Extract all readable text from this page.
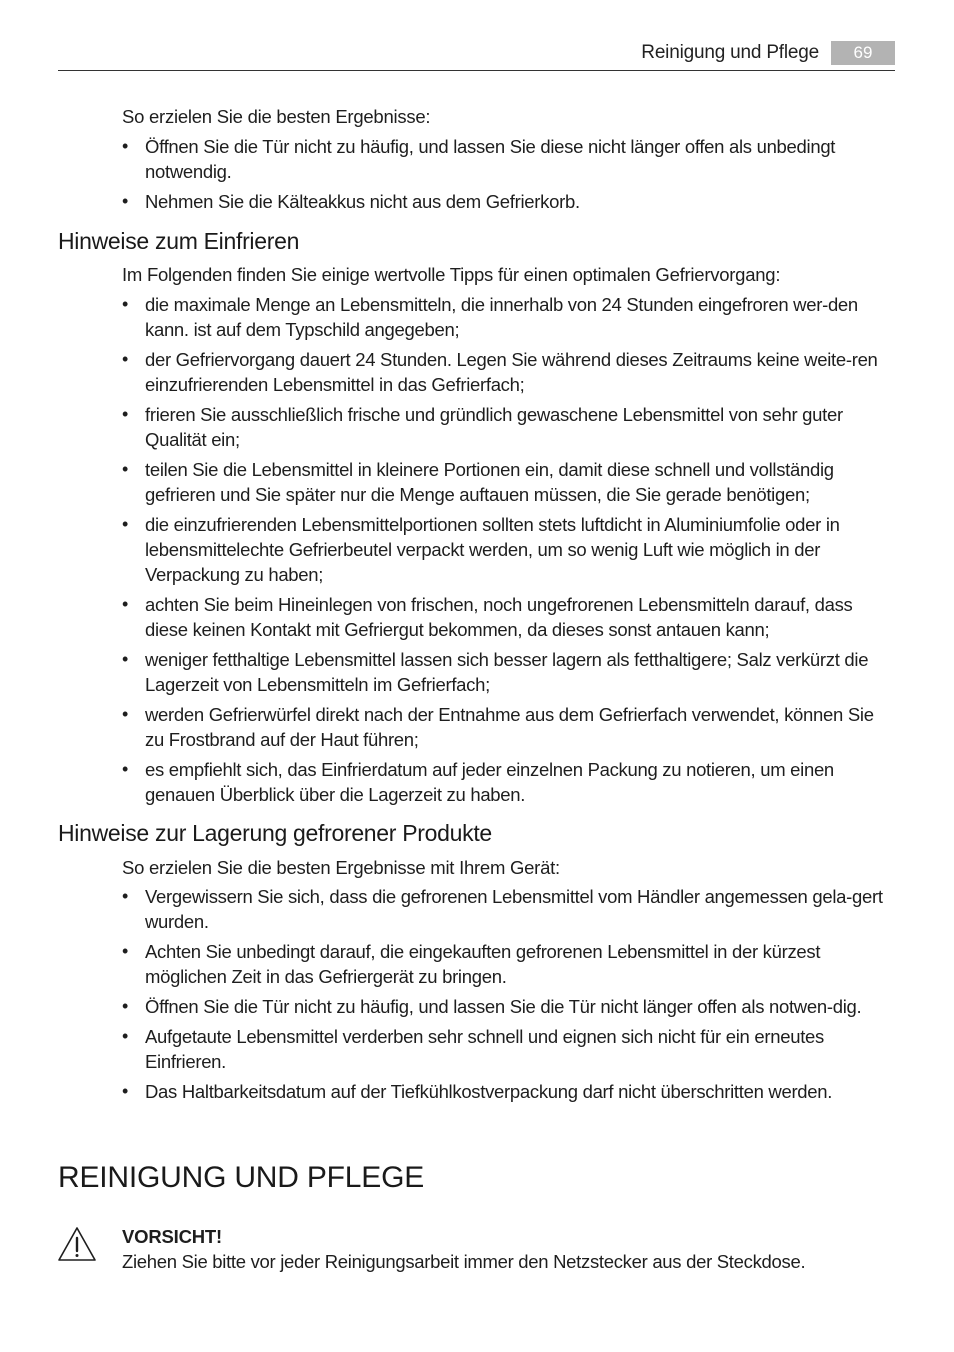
Reinigung und Pflege	69

So erzielen Sie die besten Ergebnisse:

• Öffnen Sie die Tür nicht zu häufig, und lassen Sie diese nicht länger offen als unbedingt notwendig.
• Nehmen Sie die Kälteakkus nicht aus dem Gefrierkorb.
Hinweise zum Einfrieren

Im Folgenden finden Sie einige wertvolle Tipps für einen optimalen Gefriervorgang:

• die maximale Menge an Lebensmitteln, die innerhalb von 24 Stunden eingefroren wer-den kann. ist auf dem Typschild angegeben;
• der Gefriervorgang dauert 24 Stunden. Legen Sie während dieses Zeitraums keine weite-ren einzufrierenden Lebensmittel in das Gefrierfach;
• frieren Sie ausschließlich frische und gründlich gewaschene Lebensmittel von sehr guter Qualität ein;
• teilen Sie die Lebensmittel in kleinere Portionen ein, damit diese schnell und vollständig gefrieren und Sie später nur die Menge auftauen müssen, die Sie gerade benötigen;
• die einzufrierenden Lebensmittelportionen sollten stets luftdicht in Aluminiumfolie oder in lebensmittelechte Gefrierbeutel verpackt werden, um so wenig Luft wie möglich in der Verpackung zu haben;
• achten Sie beim Hineinlegen von frischen, noch ungefrorenen Lebensmitteln darauf, dass diese keinen Kontakt mit Gefriergut bekommen, da dieses sonst antauen kann;
• weniger fetthaltige Lebensmittel lassen sich besser lagern als fetthaltigere; Salz verkürzt die Lagerzeit von Lebensmitteln im Gefrierfach;
• werden Gefrierwürfel direkt nach der Entnahme aus dem Gefrierfach verwendet, können Sie zu Frostbrand auf der Haut führen;
• es empfiehlt sich, das Einfrierdatum auf jeder einzelnen Packung zu notieren, um einen genauen Überblick über die Lagerzeit zu haben.
Hinweise zur Lagerung gefrorener Produkte

So erzielen Sie die besten Ergebnisse mit Ihrem Gerät:

• Vergewissern Sie sich, dass die gefrorenen Lebensmittel vom Händler angemessen gela-gert wurden.
• Achten Sie unbedingt darauf, die eingekauften gefrorenen Lebensmittel in der kürzest möglichen Zeit in das Gefriergerät zu bringen.
• Öffnen Sie die Tür nicht zu häufig, und lassen Sie die Tür nicht länger offen als notwen-dig.
• Aufgetaute Lebensmittel verderben sehr schnell und eignen sich nicht für ein erneutes Einfrieren.
• Das Haltbarkeitsdatum auf der Tiefkühlkostverpackung darf nicht überschritten werden.
REINIGUNG UND PFLEGE
VORSICHT!
Ziehen Sie bitte vor jeder Reinigungsarbeit immer den Netzstecker aus der Steckdose.
